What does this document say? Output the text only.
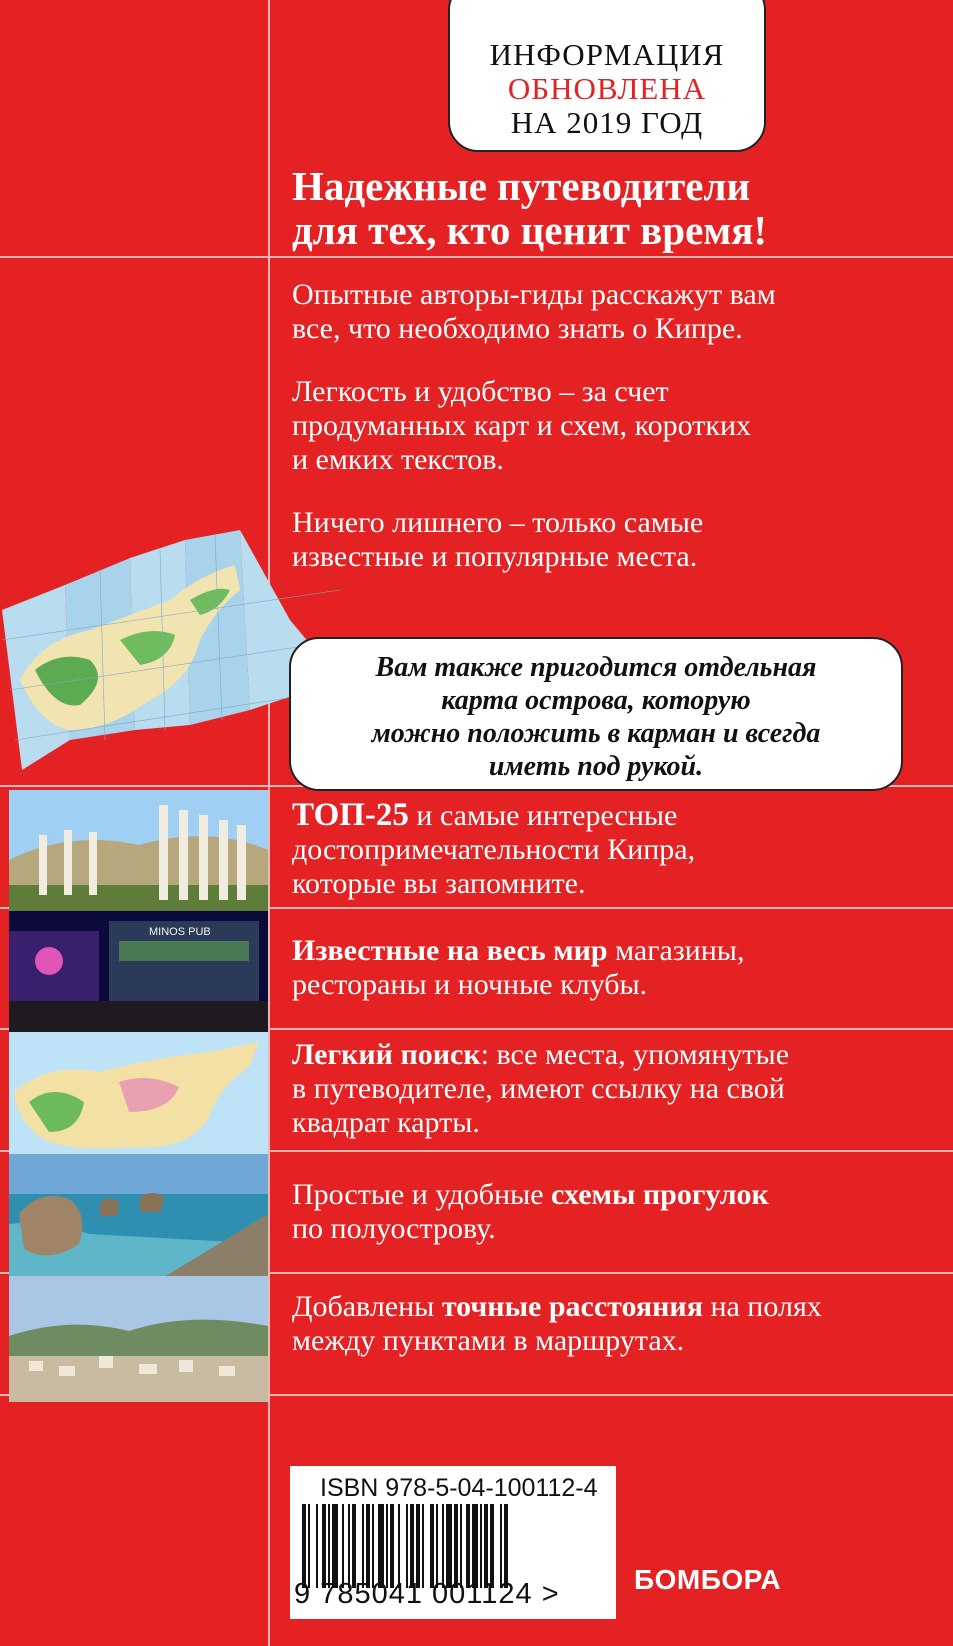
ИНФОРМАЦИЯ
ОБНОВЛЕНА
НА 2019 ГОД
Надежные путеводители
для тех, кто ценит время!
Опытные авторы-гиды расскажут вам
все, что необходимо знать о Кипре.
Легкость и удобство – за счет
продуманных карт и схем, коротких
и емких текстов.
Ничего лишнего – только самые
известные и популярные места.
Вам также пригодится отдельная
карта острова, которую
можно положить в карман и всегда
иметь под рукой.
MINOS PUB
ТОП-25 и самые интересные
достопримечательности Кипра,
которые вы запомните.
Известные на весь мир магазины,
рестораны и ночные клубы.
Легкий поиск: все места, упомянутые
в путеводителе, имеют ссылку на свой
квадрат карты.
Простые и удобные схемы прогулок
по полуострову.
Добавлены точные расстояния на полях
между пунктами в маршрутах.
ISBN 978-5-04-100112-4
9 785041 001124 >	БОМБОРА
